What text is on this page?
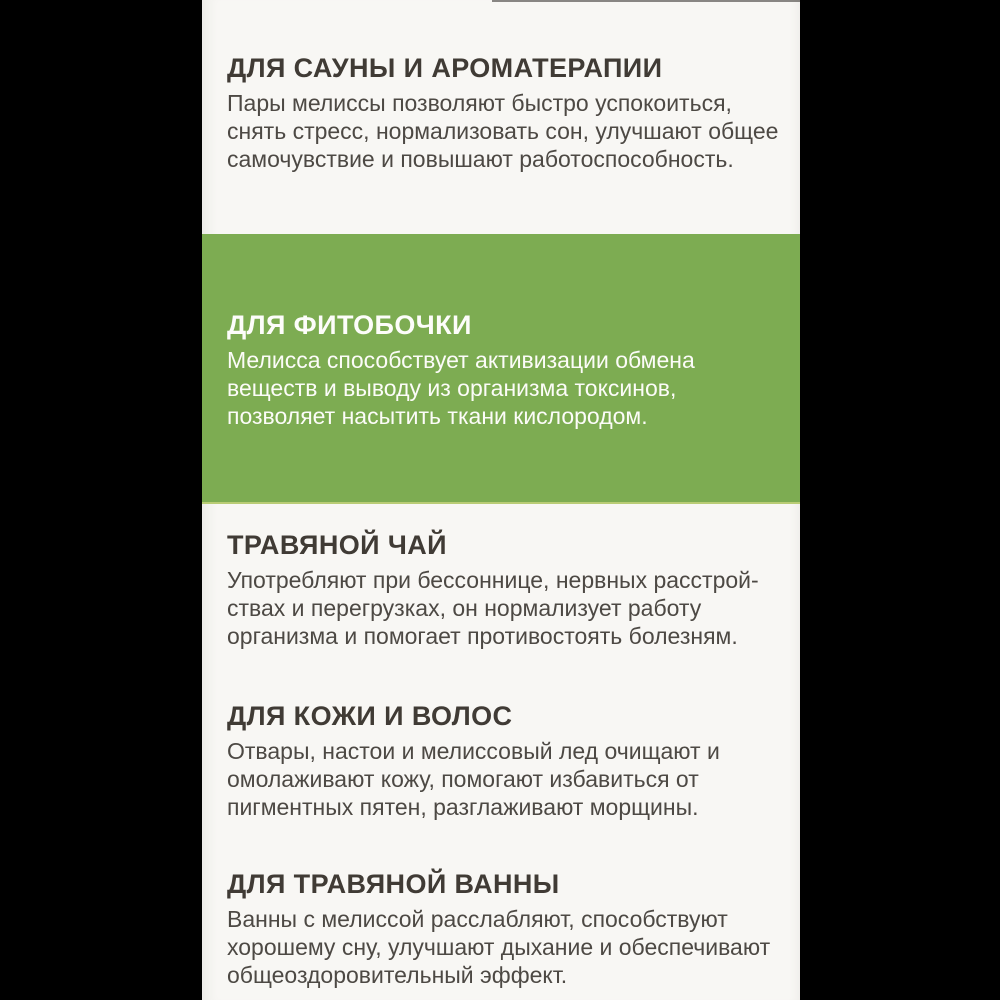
ДЛЯ САУНЫ И АРОМАТЕРАПИИ
Пары мелиссы позволяют быстро успокоиться,
снять стресс, нормализовать сон, улучшают общее
самочувствие и повышают работоспособность.
ДЛЯ ФИТОБОЧКИ
Мелисса способствует активизации обмена
веществ и выводу из организма токсинов,
позволяет насытить ткани кислородом.
ТРАВЯНОЙ ЧАЙ
Употребляют при бессоннице, нервных расстрой-
ствах и перегрузках, он нормализует работу
организма и помогает противостоять болезням.
ДЛЯ КОЖИ И ВОЛОС
Отвары, настои и мелиссовый лед очищают и
омолаживают кожу, помогают избавиться от
пигментных пятен, разглаживают морщины.
ДЛЯ ТРАВЯНОЙ ВАННЫ
Ванны с мелиссой расслабляют, способствуют
хорошему сну, улучшают дыхание и обеспечивают
общеоздоровительный эффект.
